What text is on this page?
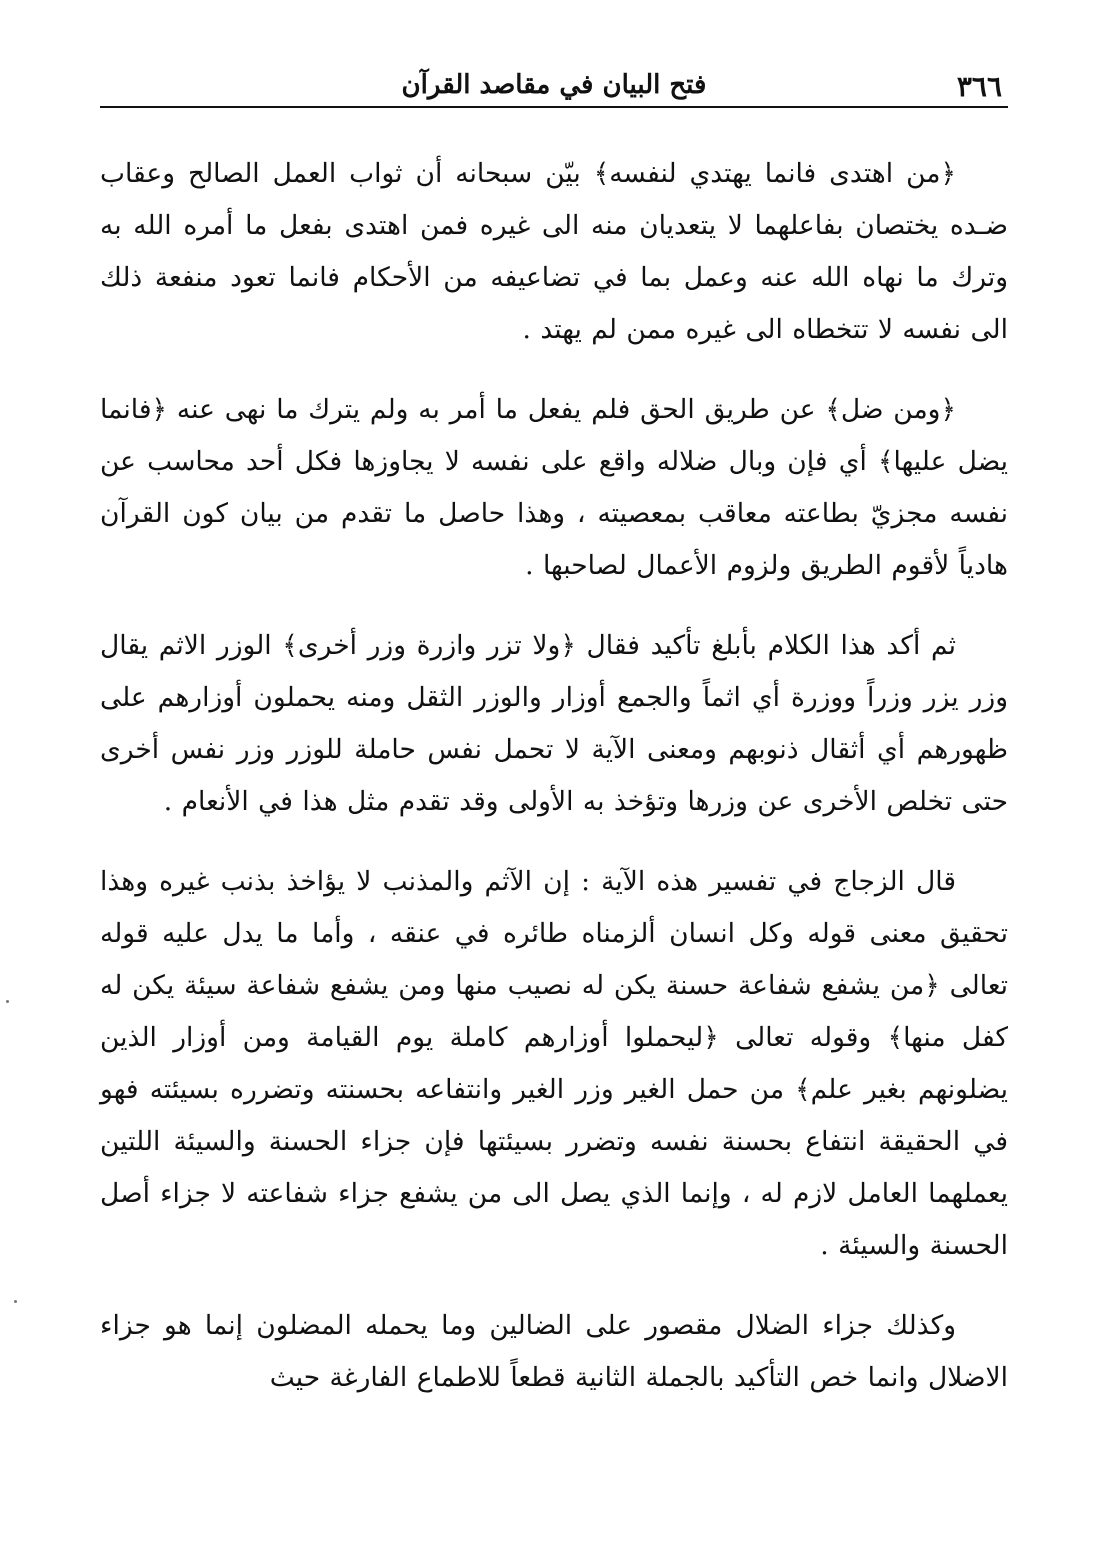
٣٦٦
فتح البيان في مقاصد القرآن

﴿من اهتدى فانما يهتدي لنفسه﴾ بيّن سبحانه أن ثواب العمل الصالح وعقاب ضـده يختصان بفاعلهما لا يتعديان منه الى غيره فمن اهتدى بفعل ما أمره الله به وترك ما نهاه الله عنه وعمل بما في تضاعيفه من الأحكام فانما تعود منفعة ذلك الى نفسه لا تتخطاه الى غيره ممن لم يهتد .

﴿ومن ضل﴾ عن طريق الحق فلم يفعل ما أمر به ولم يترك ما نهى عنه ﴿فانما يضل عليها﴾ أي فإن وبال ضلاله واقع على نفسه لا يجاوزها فكل أحد محاسب عن نفسه مجزيّ بطاعته معاقب بمعصيته ، وهذا حاصل ما تقدم من بيان كون القرآن هادياً لأقوم الطريق ولزوم الأعمال لصاحبها .

ثم أكد هذا الكلام بأبلغ تأكيد فقال ﴿ولا تزر وازرة وزر أخرى﴾ الوزر الاثم يقال وزر يزر وزراً ووزرة أي اثماً والجمع أوزار والوزر الثقل ومنه يحملون أوزارهم على ظهورهم أي أثقال ذنوبهم ومعنى الآية لا تحمل نفس حاملة للوزر وزر نفس أخرى حتى تخلص الأخرى عن وزرها وتؤخذ به الأولى وقد تقدم مثل هذا في الأنعام .

قال الزجاج في تفسير هذه الآية : إن الآثم والمذنب لا يؤاخذ بذنب غيره وهذا تحقيق معنى قوله وكل انسان ألزمناه طائره في عنقه ، وأما ما يدل عليه قوله تعالى ﴿من يشفع شفاعة حسنة يكن له نصيب منها ومن يشفع شفاعة سيئة يكن له كفل منها﴾ وقوله تعالى ﴿ليحملوا أوزارهم كاملة يوم القيامة ومن أوزار الذين يضلونهم بغير علم﴾ من حمل الغير وزر الغير وانتفاعه بحسنته وتضرره بسيئته فهو في الحقيقة انتفاع بحسنة نفسه وتضرر بسيئتها فإن جزاء الحسنة والسيئة اللتين يعملهما العامل لازم له ، وإنما الذي يصل الى من يشفع جزاء شفاعته لا جزاء أصل الحسنة والسيئة .

وكذلك جزاء الضلال مقصور على الضالين وما يحمله المضلون إنما هو جزاء الاضلال وانما خص التأكيد بالجملة الثانية قطعاً للاطماع الفارغة حيث
